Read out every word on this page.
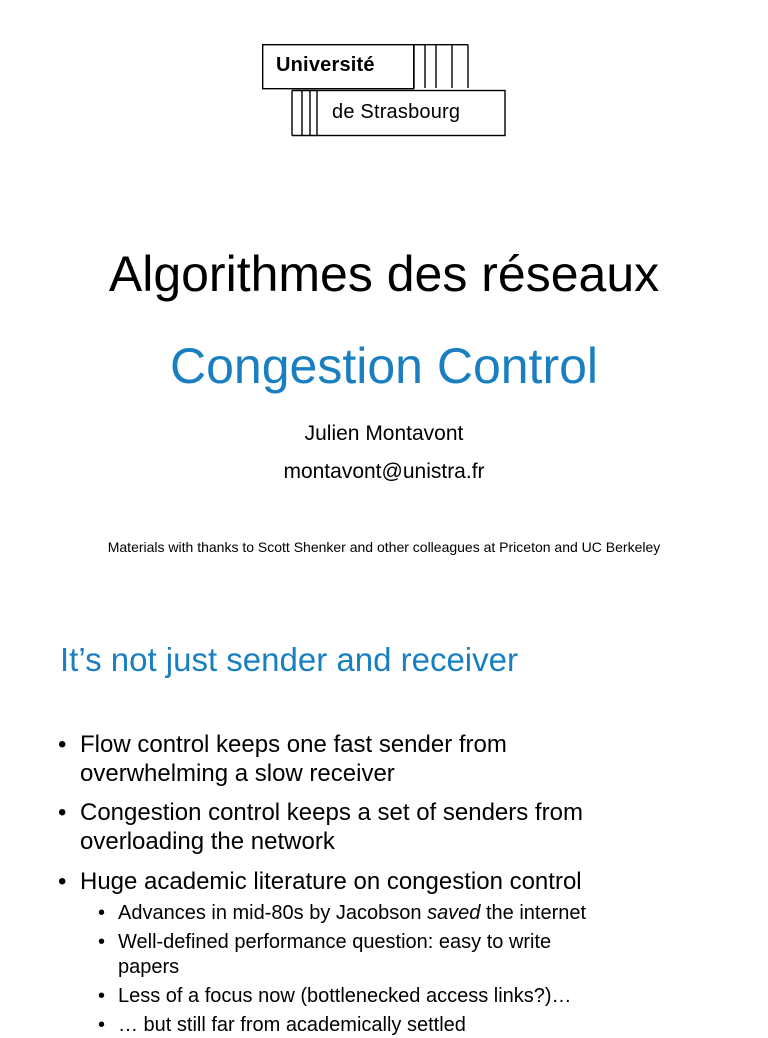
Université
de Strasbourg
Algorithmes des réseaux
Congestion Control
Julien Montavont
montavont@unistra.fr
Materials with thanks to Scott Shenker and other colleagues at Priceton and UC Berkeley
It’s not just sender and receiver
• Flow control keeps one fast sender from
overwhelming a slow receiver
• Congestion control keeps a set of senders from
overloading the network
• Huge academic literature on congestion control
• Advances in mid-80s by Jacobson saved the internet
• Well-defined performance question: easy to write
papers
• Less of a focus now (bottlenecked access links?)…
• … but still far from academically settled
